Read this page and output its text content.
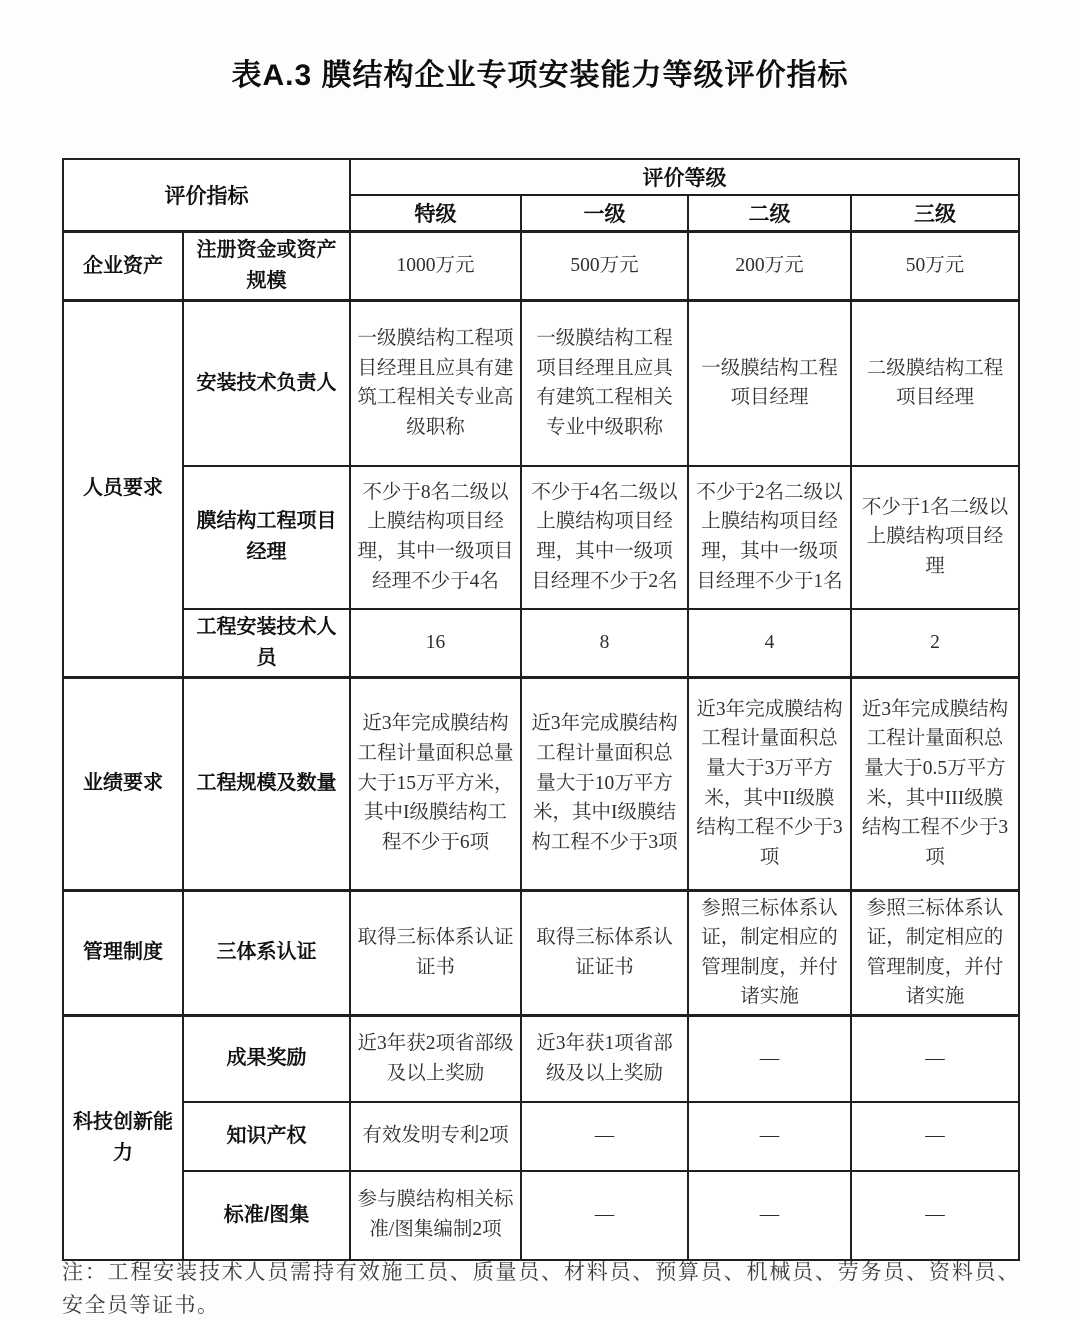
表A.3 膜结构企业专项安装能力等级评价指标
评价指标		评价等级			
		特级	一级	二级	三级
企业资产	注册资金或资产规模	1000万元	500万元	200万元	50万元
人员要求	安装技术负责人	一级膜结构工程项目经理且应具有建筑工程相关专业高级职称	一级膜结构工程项目经理且应具有建筑工程相关专业中级职称	一级膜结构工程项目经理	二级膜结构工程项目经理
	膜结构工程项目经理	不少于8名二级以上膜结构项目经理，其中一级项目经理不少于4名	不少于4名二级以上膜结构项目经理，其中一级项目经理不少于2名	不少于2名二级以上膜结构项目经理，其中一级项目经理不少于1名	不少于1名二级以上膜结构项目经理
	工程安装技术人员	16	8	4	2
业绩要求	工程规模及数量	近3年完成膜结构工程计量面积总量大于15万平方米，其中I级膜结构工程不少于6项	近3年完成膜结构工程计量面积总量大于10万平方米，其中I级膜结构工程不少于3项	近3年完成膜结构工程计量面积总量大于3万平方米，其中II级膜结构工程不少于3项	近3年完成膜结构工程计量面积总量大于0.5万平方米，其中III级膜结构工程不少于3项
管理制度	三体系认证	取得三标体系认证证书	取得三标体系认证证书	参照三标体系认证，制定相应的管理制度，并付诸实施	参照三标体系认证，制定相应的管理制度，并付诸实施
科技创新能力	成果奖励	近3年获2项省部级及以上奖励	近3年获1项省部级及以上奖励	—	—
	知识产权	有效发明专利2项	—	—	—
	标准/图集	参与膜结构相关标准/图集编制2项	—	—	—
注：工程安装技术人员需持有效施工员、质量员、材料员、预算员、机械员、劳务员、资料员、安全员等证书。
